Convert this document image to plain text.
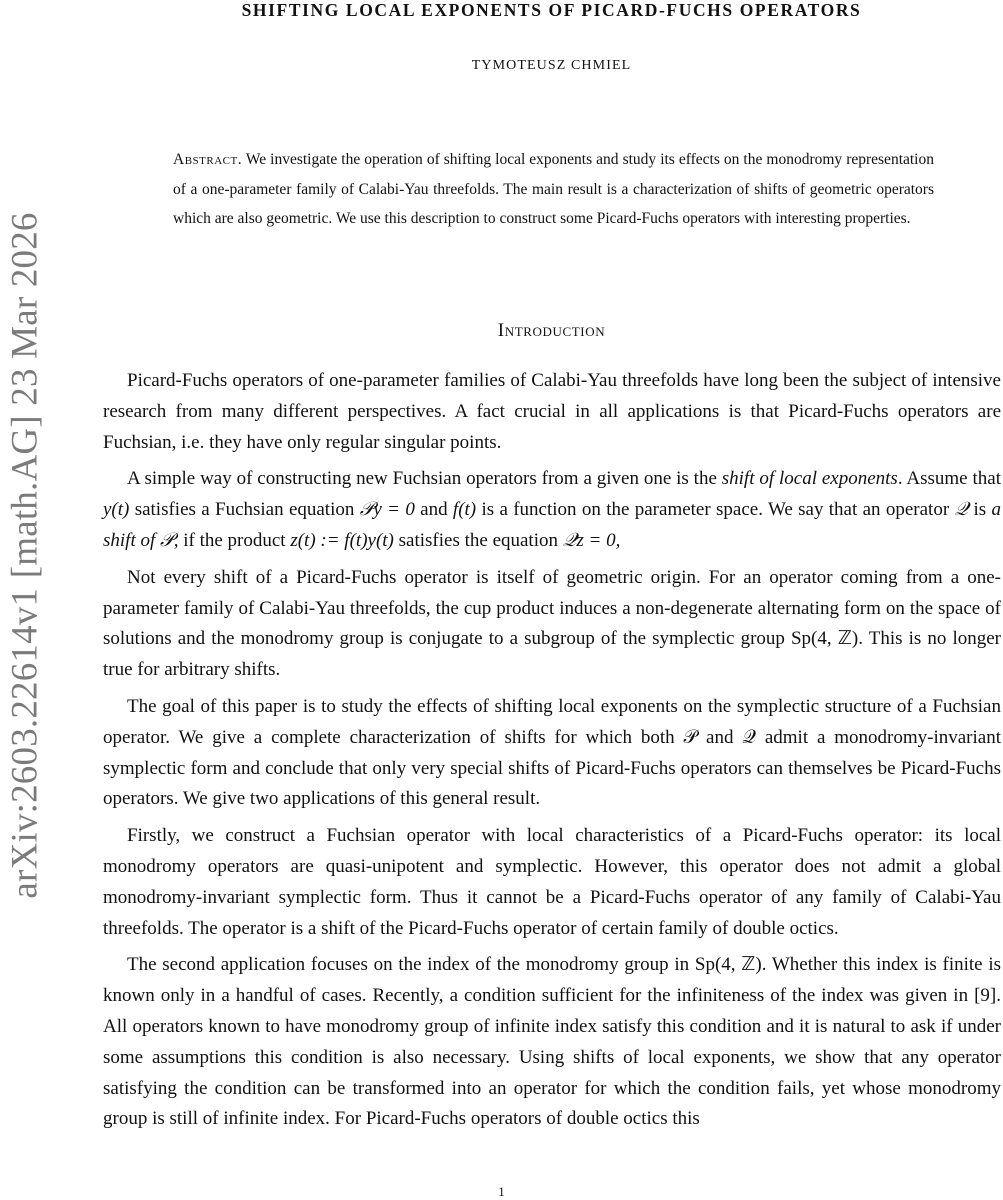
arXiv:2603.22614v1 [math.AG] 23 Mar 2026
SHIFTING LOCAL EXPONENTS OF PICARD-FUCHS OPERATORS
TYMOTEUSZ CHMIEL
Abstract. We investigate the operation of shifting local exponents and study its effects on the monodromy representation of a one-parameter family of Calabi-Yau threefolds. The main result is a characterization of shifts of geometric operators which are also geometric. We use this description to construct some Picard-Fuchs operators with interesting properties.
Introduction

Picard-Fuchs operators of one-parameter families of Calabi-Yau threefolds have long been the subject of intensive research from many different perspectives. A fact crucial in all applications is that Picard-Fuchs operators are Fuchsian, i.e. they have only regular singular points.

A simple way of constructing new Fuchsian operators from a given one is the shift of local exponents. Assume that y(t) satisfies a Fuchsian equation 𝒫y = 0 and f(t) is a function on the parameter space. We say that an operator 𝒬 is a shift of 𝒫, if the product z(t) := f(t)y(t) satisfies the equation 𝒬z = 0,

Not every shift of a Picard-Fuchs operator is itself of geometric origin. For an operator coming from a one-parameter family of Calabi-Yau threefolds, the cup product induces a non-degenerate alternating form on the space of solutions and the monodromy group is conjugate to a subgroup of the symplectic group Sp(4, ℤ). This is no longer true for arbitrary shifts.

The goal of this paper is to study the effects of shifting local exponents on the symplectic structure of a Fuchsian operator. We give a complete characterization of shifts for which both 𝒫 and 𝒬 admit a monodromy-invariant symplectic form and conclude that only very special shifts of Picard-Fuchs operators can themselves be Picard-Fuchs operators. We give two applications of this general result.

Firstly, we construct a Fuchsian operator with local characteristics of a Picard-Fuchs operator: its local monodromy operators are quasi-unipotent and symplectic. However, this operator does not admit a global monodromy-invariant symplectic form. Thus it cannot be a Picard-Fuchs operator of any family of Calabi-Yau threefolds. The operator is a shift of the Picard-Fuchs operator of certain family of double octics.

The second application focuses on the index of the monodromy group in Sp(4, ℤ). Whether this index is finite is known only in a handful of cases. Recently, a condition sufficient for the infiniteness of the index was given in [9]. All operators known to have monodromy group of infinite index satisfy this condition and it is natural to ask if under some assumptions this condition is also necessary. Using shifts of local exponents, we show that any operator satisfying the condition can be transformed into an operator for which the condition fails, yet whose monodromy group is still of infinite index. For Picard-Fuchs operators of double octics this

1
